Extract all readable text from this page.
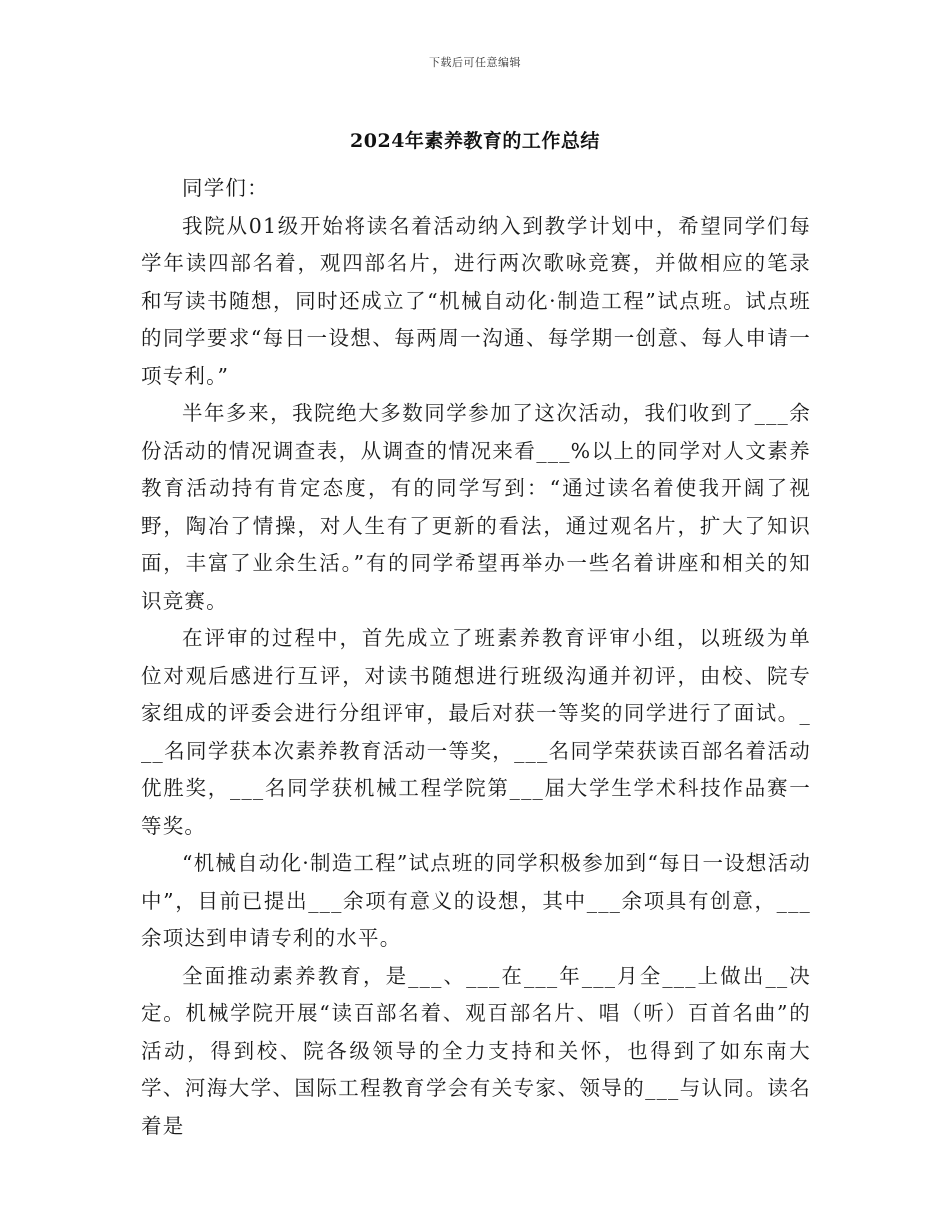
下载后可任意编辑
2024年素养教育的工作总结

同学们：

我院从01级开始将读名着活动纳入到教学计划中，希望同学们每学年读四部名着，观四部名片，进行两次歌咏竞赛，并做相应的笔录和写读书随想，同时还成立了“机械自动化·制造工程”试点班。试点班的同学要求“每日一设想、每两周一沟通、每学期一创意、每人申请一项专利。”

半年多来，我院绝大多数同学参加了这次活动，我们收到了___余份活动的情况调查表，从调查的情况来看___%以上的同学对人文素养教育活动持有肯定态度，有的同学写到：“通过读名着使我开阔了视野，陶冶了情操，对人生有了更新的看法，通过观名片，扩大了知识面，丰富了业余生活。”有的同学希望再举办一些名着讲座和相关的知识竞赛。

在评审的过程中，首先成立了班素养教育评审小组，以班级为单位对观后感进行互评，对读书随想进行班级沟通并初评，由校、院专家组成的评委会进行分组评审，最后对获一等奖的同学进行了面试。___名同学获本次素养教育活动一等奖，___名同学荣获读百部名着活动优胜奖，___名同学获机械工程学院第___届大学生学术科技作品赛一等奖。

“机械自动化·制造工程”试点班的同学积极参加到“每日一设想活动中”，目前已提出___余项有意义的设想，其中___余项具有创意，___余项达到申请专利的水平。

全面推动素养教育，是___、___在___年___月全___上做出__决定。机械学院开展“读百部名着、观百部名片、唱（听）百首名曲”的活动，得到校、院各级领导的全力支持和关怀，也得到了如东南大学、河海大学、国际工程教育学会有关专家、领导的___与认同。读名着是
